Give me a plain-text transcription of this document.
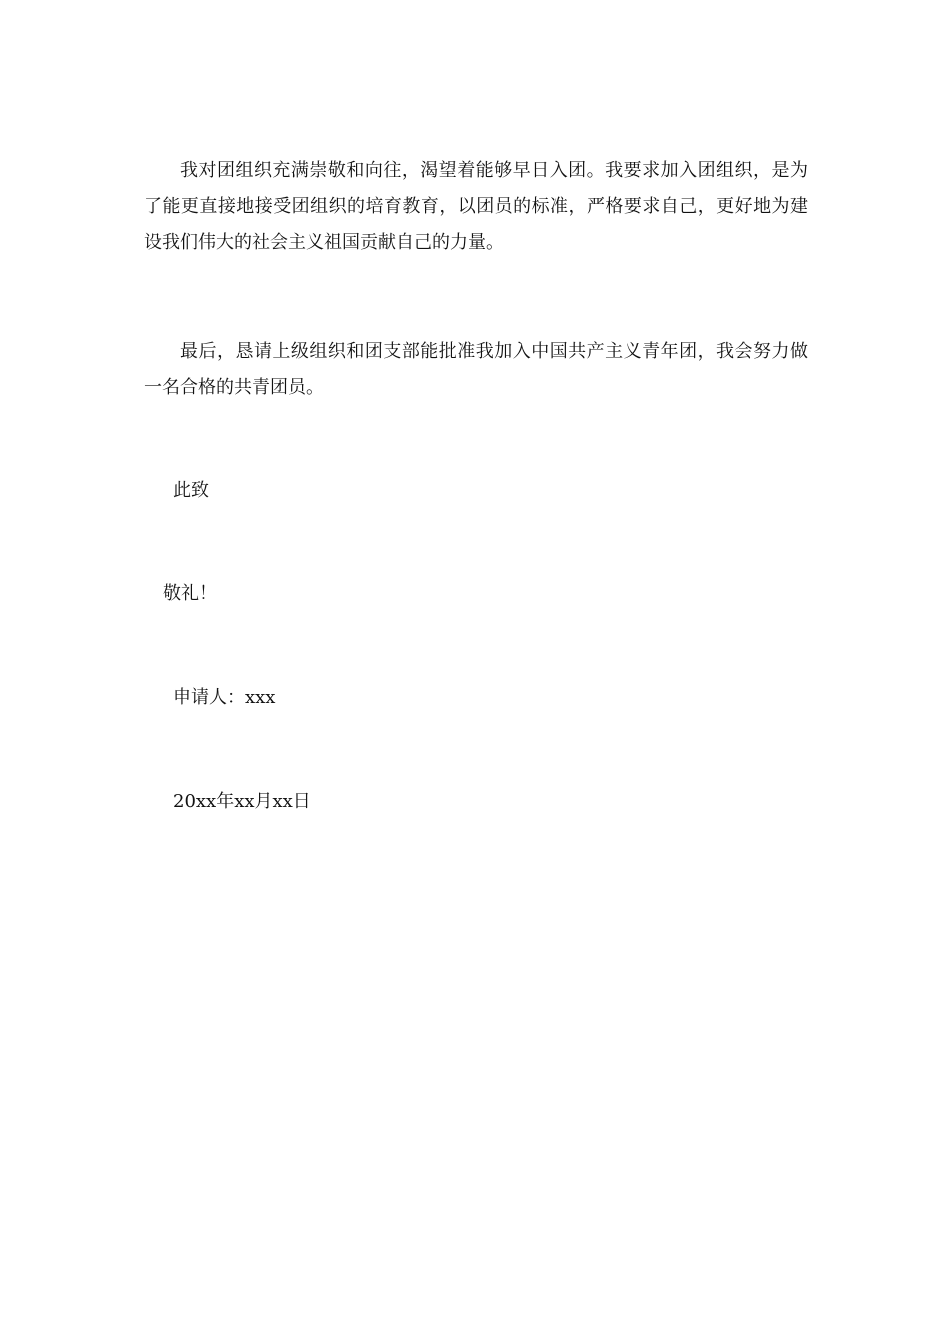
我对团组织充满崇敬和向往，渴望着能够早日入团。我要求加入团组织，是为了能更直接地接受团组织的培育教育，以团员的标准，严格要求自己，更好地为建设我们伟大的社会主义祖国贡献自己的力量。

最后，恳请上级组织和团支部能批准我加入中国共产主义青年团，我会努力做一名合格的共青团员。

此致
敬礼！
申请人：xxx
20xx年xx月xx日
